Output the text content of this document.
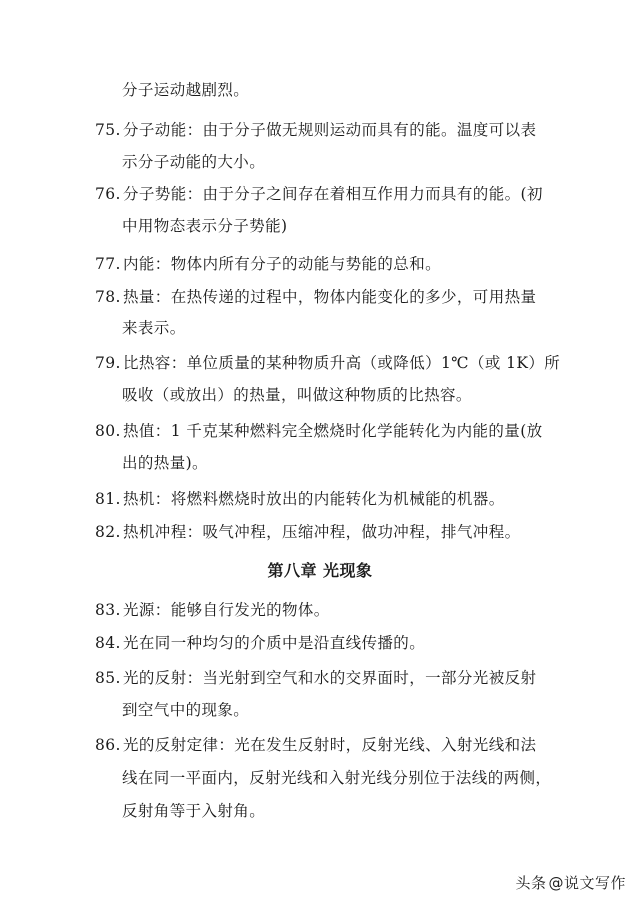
分子运动越剧烈。
75. 分子动能：由于分子做无规则运动而具有的能。温度可以表
示分子动能的大小。
76. 分子势能：由于分子之间存在着相互作用力而具有的能。(初
中用物态表示分子势能)
77. 内能：物体内所有分子的动能与势能的总和。
78. 热量：在热传递的过程中，物体内能变化的多少，可用热量
来表示。
79. 比热容：单位质量的某种物质升高（或降低）1℃（或 1K）所
吸收（或放出）的热量，叫做这种物质的比热容。
80. 热值：1 千克某种燃料完全燃烧时化学能转化为内能的量(放
出的热量)。
81. 热机：将燃料燃烧时放出的内能转化为机械能的机器。
82. 热机冲程：吸气冲程，压缩冲程，做功冲程，排气冲程。
第八章 光现象
83. 光源：能够自行发光的物体。
84. 光在同一种均匀的介质中是沿直线传播的。
85. 光的反射：当光射到空气和水的交界面时，一部分光被反射
到空气中的现象。
86. 光的反射定律：光在发生反射时，反射光线、入射光线和法
线在同一平面内，反射光线和入射光线分别位于法线的两侧，
反射角等于入射角。
头条 @说文写作
